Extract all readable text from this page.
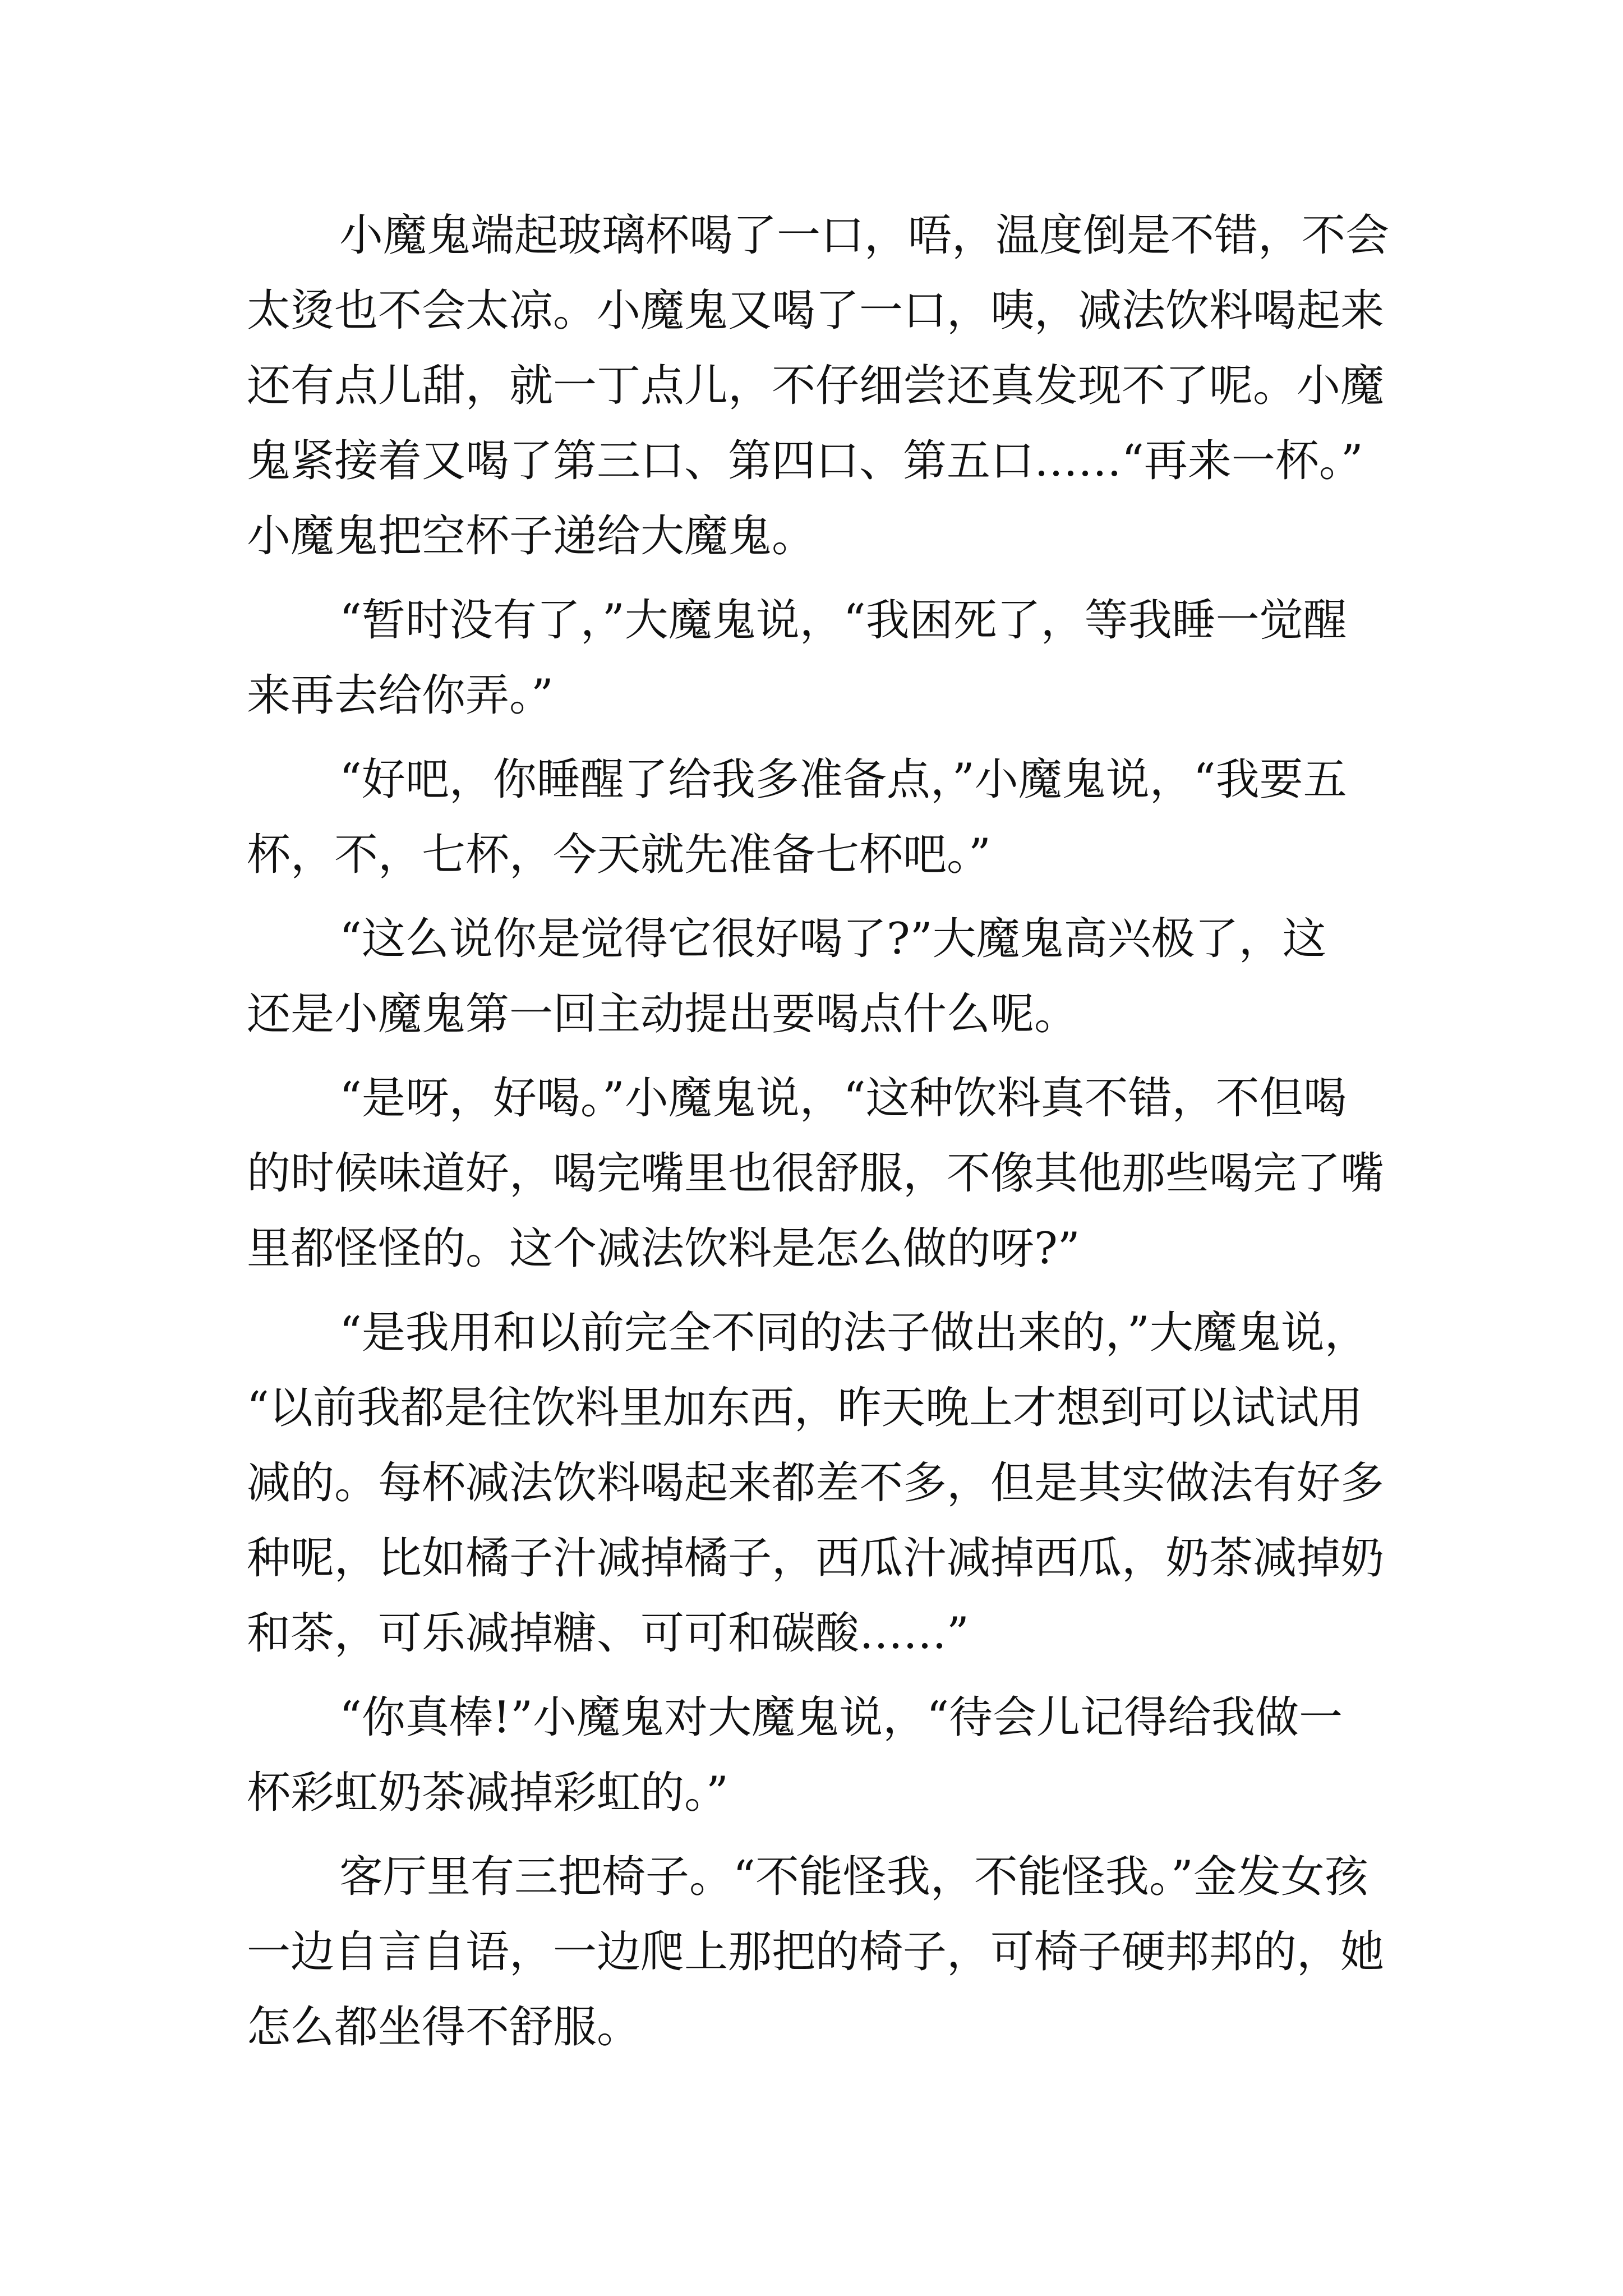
小魔鬼端起玻璃杯喝了一口，唔，温度倒是不错，不会
太烫也不会太凉。小魔鬼又喝了一口，咦，减法饮料喝起来
还有点儿甜，就一丁点儿，不仔细尝还真发现不了呢。小魔
鬼紧接着又喝了第三口、第四口、第五口……“再来一杯。”
小魔鬼把空杯子递给大魔鬼。
“暂时没有了，”大魔鬼说，“我困死了，等我睡一觉醒
来再去给你弄。”
“好吧，你睡醒了给我多准备点，”小魔鬼说，“我要五
杯，不，七杯，今天就先准备七杯吧。”
“这么说你是觉得它很好喝了?”大魔鬼高兴极了，这
还是小魔鬼第一回主动提出要喝点什么呢。
“是呀，好喝。”小魔鬼说，“这种饮料真不错，不但喝
的时候味道好，喝完嘴里也很舒服，不像其他那些喝完了嘴
里都怪怪的。这个减法饮料是怎么做的呀?”
“是我用和以前完全不同的法子做出来的，”大魔鬼说，
“以前我都是往饮料里加东西，昨天晚上才想到可以试试用
减的。每杯减法饮料喝起来都差不多，但是其实做法有好多
种呢，比如橘子汁减掉橘子，西瓜汁减掉西瓜，奶茶减掉奶
和茶，可乐减掉糖、可可和碳酸……”
“你真棒!”小魔鬼对大魔鬼说，“待会儿记得给我做一
杯彩虹奶茶减掉彩虹的。”
客厅里有三把椅子。“不能怪我，不能怪我。”金发女孩
一边自言自语，一边爬上那把的椅子，可椅子硬邦邦的，她
怎么都坐得不舒服。
